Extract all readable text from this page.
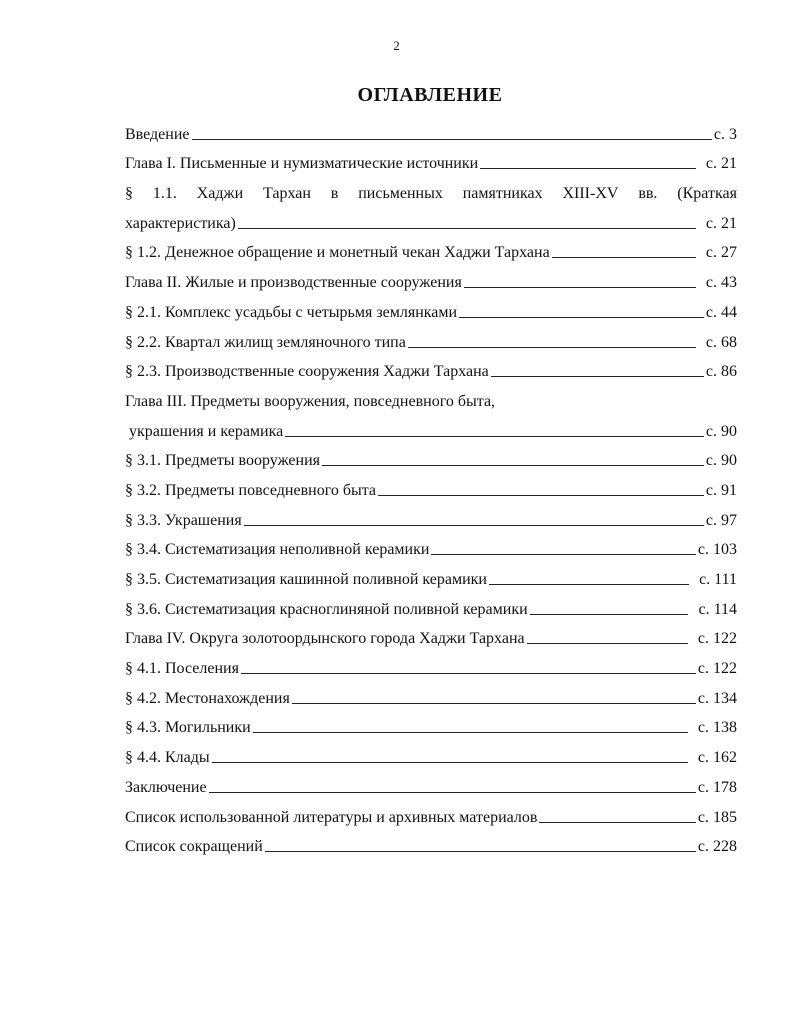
2
ОГЛАВЛЕНИЕ
Введение	с. 3
Глава I. Письменные и нумизматические источники	с. 21
§ 1.1. Хаджи Тархан в письменных памятниках XIII-XV вв. (Краткая
характеристика)	с. 21
§ 1.2. Денежное обращение и монетный чекан Хаджи Тархана	с. 27
Глава II. Жилые и производственные сооружения	с. 43
§ 2.1. Комплекс усадьбы с четырьмя землянками	с. 44
§ 2.2. Квартал жилищ земляночного типа	с. 68
§ 2.3. Производственные сооружения Хаджи Тархана	с. 86
Глава III. Предметы вооружения, повседневного быта,
украшения и керамика	с. 90
§ 3.1. Предметы вооружения	с. 90
§ 3.2. Предметы повседневного быта	с. 91
§ 3.3. Украшения	с. 97
§ 3.4. Систематизация неполивной керамики	с. 103
§ 3.5. Систематизация кашинной поливной керамики	с. 111
§ 3.6. Систематизация красноглиняной поливной керамики	с. 114
Глава IV. Округа золотоордынского города Хаджи Тархана	с. 122
§ 4.1. Поселения	с. 122
§ 4.2. Местонахождения	с. 134
§ 4.3. Могильники	с. 138
§ 4.4. Клады	с. 162
Заключение	с. 178
Список использованной литературы и архивных материалов	с. 185
Список сокращений	с. 228
